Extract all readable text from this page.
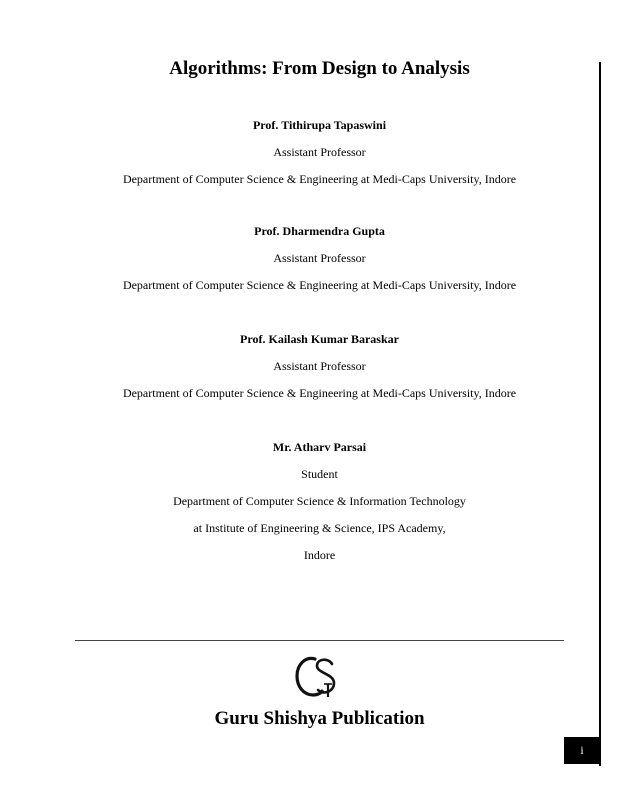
Algorithms: From Design to Analysis
Prof. Tithirupa Tapaswini
Assistant Professor
Department of Computer Science & Engineering at Medi-Caps University, Indore
Prof. Dharmendra Gupta
Assistant Professor
Department of Computer Science & Engineering at Medi-Caps University, Indore
Prof. Kailash Kumar Baraskar
Assistant Professor
Department of Computer Science & Engineering at Medi-Caps University, Indore
Mr. Atharv Parsai
Student
Department of Computer Science & Information Technology
at Institute of Engineering & Science, IPS Academy,
Indore
Guru Shishya Publication
i
